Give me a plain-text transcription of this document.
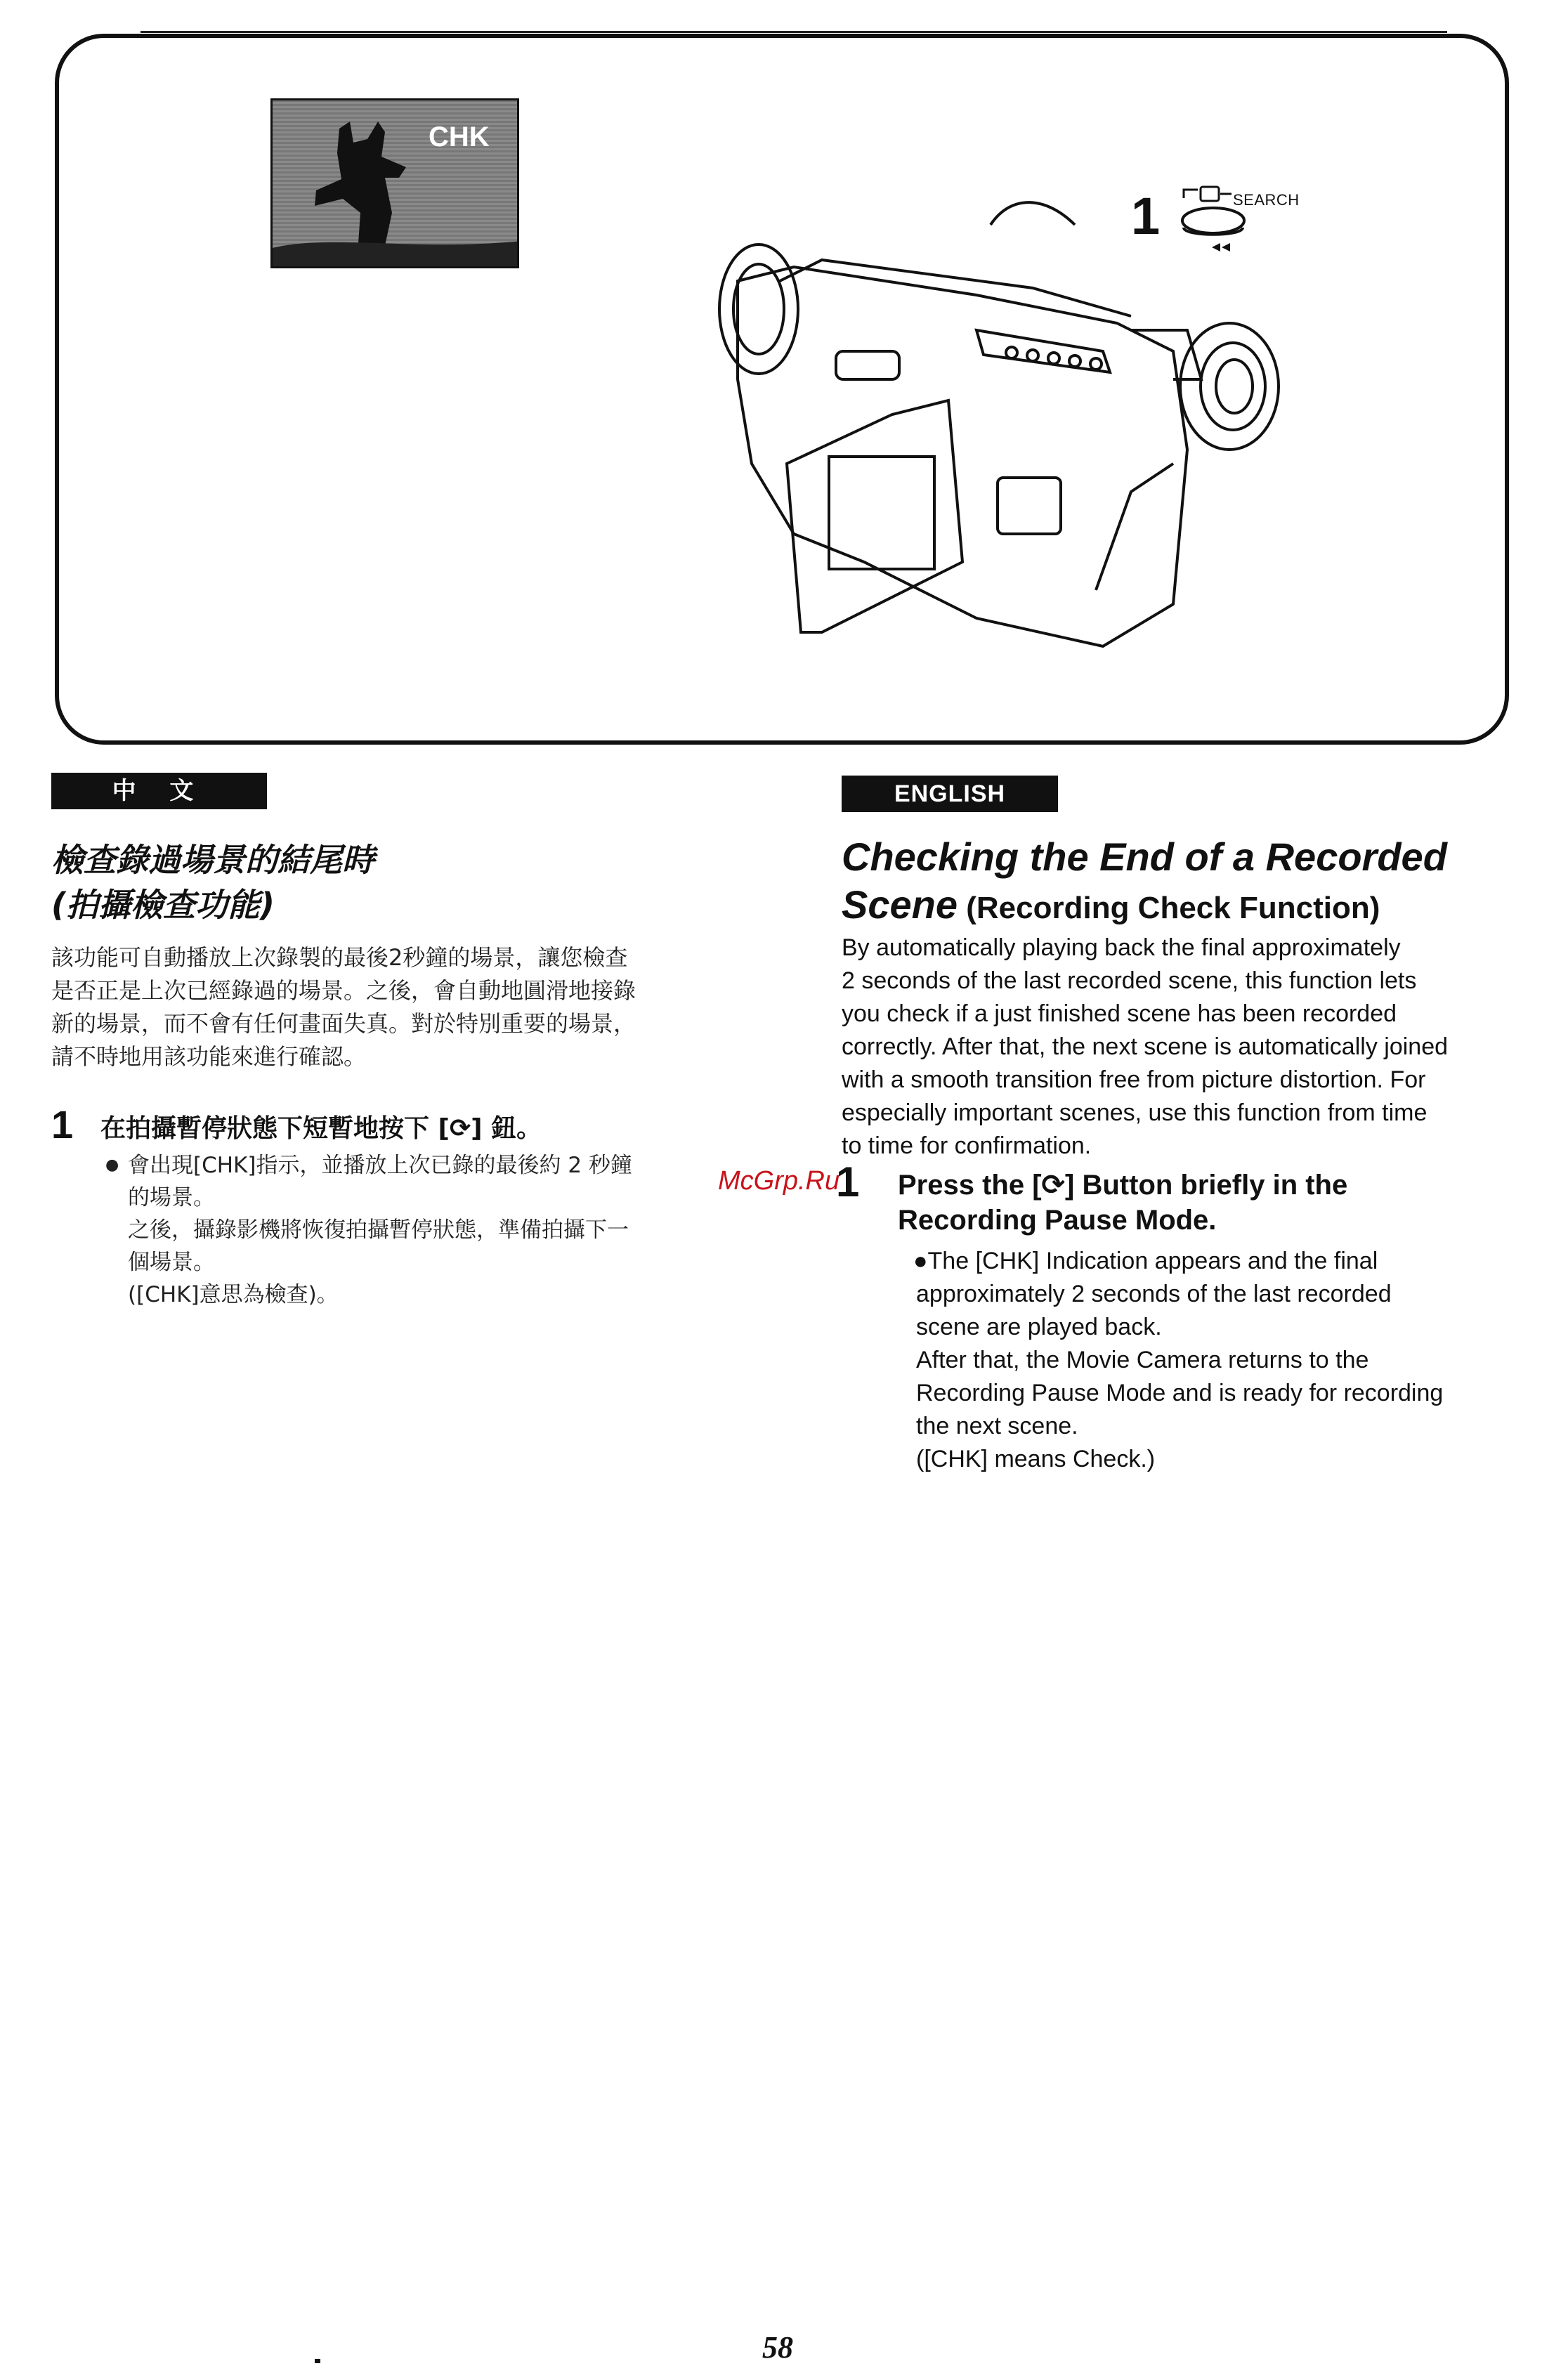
CHK
1	SEARCH
中 文
檢查錄過場景的結尾時
(拍攝檢查功能)
該功能可自動播放上次錄製的最後2秒鐘的場景，讓您檢查
是否正是上次已經錄過的場景。之後，會自動地圓滑地接錄
新的場景，而不會有任何畫面失真。對於特別重要的場景，
請不時地用該功能來進行確認。
1 在拍攝暫停狀態下短暫地按下 [⟳] 鈕。
● 會出現[CHK]指示，並播放上次已錄的最後約 2 秒鐘
的場景。
之後，攝錄影機將恢復拍攝暫停狀態，準備拍攝下一
個場景。
([CHK]意思為檢查)。
ENGLISH
Checking the End of a Recorded
Scene (Recording Check Function)
By automatically playing back the final approximately
2 seconds of the last recorded scene, this function lets
you check if a just finished scene has been recorded
correctly. After that, the next scene is automatically joined
with a smooth transition free from picture distortion. For
especially important scenes, use this function from time
to time for confirmation.
1 Press the [⟳] Button briefly in the
Recording Pause Mode.
●The [CHK] Indication appears and the final
approximately 2 seconds of the last recorded
scene are played back.
After that, the Movie Camera returns to the
Recording Pause Mode and is ready for recording
the next scene.
([CHK] means Check.)
McGrp.Ru
58
